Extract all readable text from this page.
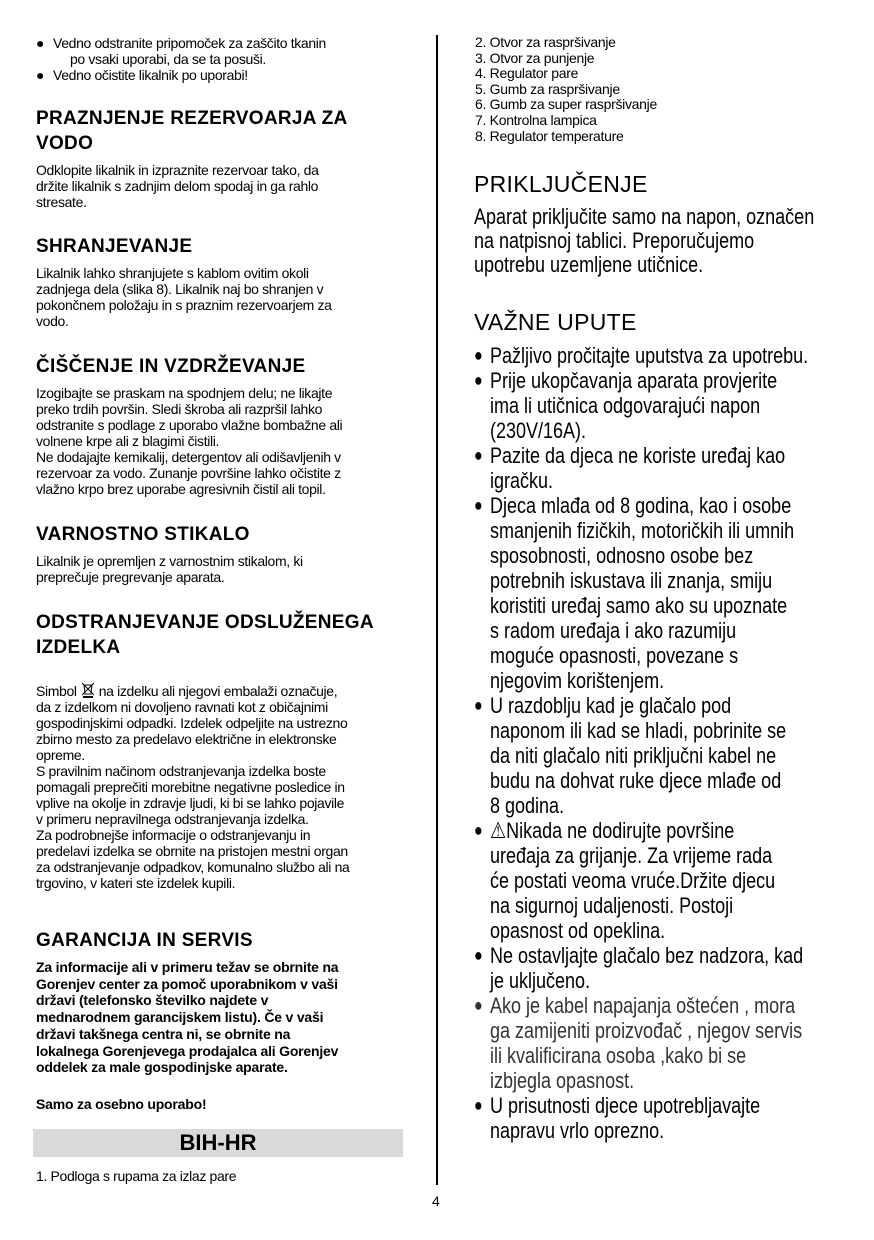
● Vedno odstranite pripomoček za zaščito tkanin
po vsaki uporabi, da se ta posuši.
● Vedno očistite likalnik po uporabi!
PRAZNJENJE REZERVOARJA ZA
VODO
Odklopite likalnik in izpraznite rezervoar tako, da
držite likalnik s zadnjim delom spodaj in ga rahlo
stresate.
SHRANJEVANJE
Likalnik lahko shranjujete s kablom ovitim okoli
zadnjega dela (slika 8). Likalnik naj bo shranjen v
pokončnem položaju in s praznim rezervoarjem za
vodo.
ČIŠČENJE IN VZDRŽEVANJE
Izogibajte se praskam na spodnjem delu; ne likajte
preko trdih površin. Sledi škroba ali razpršil lahko
odstranite s podlage z uporabo vlažne bombažne ali
volnene krpe ali z blagimi čistili.
Ne dodajajte kemikalij, detergentov ali odišavljenih v
rezervoar za vodo. Zunanje površine lahko očistite z
vlažno krpo brez uporabe agresivnih čistil ali topil.
VARNOSTNO STIKALO
Likalnik je opremljen z varnostnim stikalom, ki
preprečuje pregrevanje aparata.
ODSTRANJEVANJE ODSLUŽENEGA
IZDELKA
Simbol na izdelku ali njegovi embalaži označuje,
da z izdelkom ni dovoljeno ravnati kot z običajnimi
gospodinjskimi odpadki. Izdelek odpeljite na ustrezno
zbirno mesto za predelavo električne in elektronske
opreme.
S pravilnim načinom odstranjevanja izdelka boste
pomagali preprečiti morebitne negativne posledice in
vplive na okolje in zdravje ljudi, ki bi se lahko pojavile
v primeru nepravilnega odstranjevanja izdelka.
Za podrobnejše informacije o odstranjevanju in
predelavi izdelka se obrnite na pristojen mestni organ
za odstranjevanje odpadkov, komunalno službo ali na
trgovino, v kateri ste izdelek kupili.
GARANCIJA IN SERVIS
Za informacije ali v primeru težav se obrnite na
Gorenjev center za pomoč uporabnikom v vaši
državi (telefonsko številko najdete v
mednarodnem garancijskem listu). Če v vaši
državi takšnega centra ni, se obrnite na
lokalnega Gorenjevega prodajalca ali Gorenjev
oddelek za male gospodinjske aparate.
Samo za osebno uporabo!
BIH-HR
1. Podloga s rupama za izlaz pare
2. Otvor za raspršivanje
3. Otvor za punjenje
4. Regulator pare
5. Gumb za raspršivanje
6. Gumb za super raspršivanje
7. Kontrolna lampica
8. Regulator temperature
PRIKLJUČENJE
Aparat priključite samo na napon, označen
na natpisnoj tablici. Preporučujemo
upotrebu uzemljene utičnice.
VAŽNE UPUTE
● Pažljivo pročitajte uputstva za upotrebu.
● Prije ukopčavanja aparata provjerite
ima li utičnica odgovarajući napon
(230V/16A).
● Pazite da djeca ne koriste uređaj kao
igračku.
● Djeca mlađa od 8 godina, kao i osobe
smanjenih fizičkih, motoričkih ili umnih
sposobnosti, odnosno osobe bez
potrebnih iskustava ili znanja, smiju
koristiti uređaj samo ako su upoznate
s radom uređaja i ako razumiju
moguće opasnosti, povezane s
njegovim korištenjem.
● U razdoblju kad je glačalo pod
naponom ili kad se hladi, pobrinite se
da niti glačalo niti priključni kabel ne
budu na dohvat ruke djece mlađe od
8 godina.
● ⚠Nikada ne dodirujte površine
uređaja za grijanje. Za vrijeme rada
će postati veoma vruće.Držite djecu
na sigurnoj udaljenosti. Postoji
opasnost od opeklina.
● Ne ostavljajte glačalo bez nadzora, kad
je uključeno.
● Ako je kabel napajanja oštećen , mora
ga zamijeniti proizvođač , njegov servis
ili kvalificirana osoba ,kako bi se
izbjegla opasnost.
● U prisutnosti djece upotrebljavajte
napravu vrlo oprezno.
4
